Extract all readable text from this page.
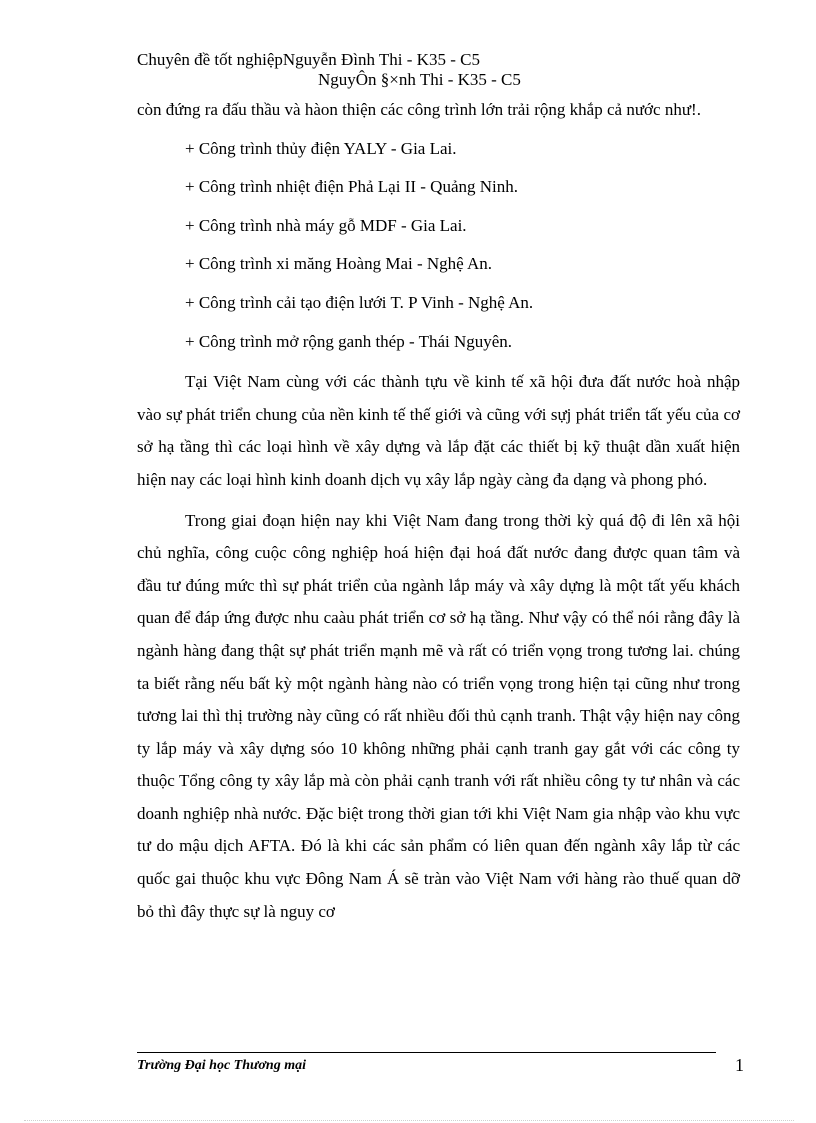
Chuyên đề tốt nghiệpNguyễn Đình Thi - K35 - C5
NguyÔn §×nh Thi - K35 - C5

còn đứng ra đấu thầu và hàon thiện các công trình lớn trải rộng khắp cả nước như!.

+ Công trình thủy điện YALY - Gia Lai.
+ Công trình nhiệt điện Phả Lại II - Quảng Ninh.
+ Công trình nhà máy gỗ MDF - Gia Lai.
+ Công trình xi măng Hoàng Mai - Nghệ An.
+ Công trình cải tạo điện lưới T. P Vinh - Nghệ An.
+ Công trình mở rộng ganh thép - Thái Nguyên.

Tại Việt Nam cùng với các thành tựu về kinh tế xã hội đưa đất nước hoà nhập vào sự phát triển chung của nền kinh tế thế giới và cũng với sựj phát triển tất yếu của cơ sở hạ tầng thì các loại hình về xây dựng và lắp đặt các thiết bị kỹ thuật dần xuất hiện hiện nay các loại hình kinh doanh dịch vụ xây lắp ngày càng đa dạng và phong phó.

Trong giai đoạn hiện nay khi Việt Nam đang trong thời kỳ quá độ đi lên xã hội chủ nghĩa, công cuộc công nghiệp hoá hiện đại hoá đất nước đang được quan tâm và đầu tư đúng mức thì sự phát triển của ngành lắp máy và xây dựng là một tất yếu khách quan để đáp ứng được nhu caàu phát triển cơ sở hạ tầng. Như vậy có thể nói rằng đây là ngành hàng đang thật sự phát triển mạnh mẽ và rất có triển vọng trong tương lai. chúng ta biết rằng nếu bất kỳ một ngành hàng nào có triển vọng trong hiện tại cũng như trong tương lai thì thị trường này cũng có rất nhiều đối thủ cạnh tranh. Thật vậy hiện nay công ty lắp máy và xây dựng sóo 10 không những phải cạnh tranh gay gắt với các công ty thuộc Tổng công ty xây lắp mà còn phải cạnh tranh với rất nhiều công ty tư nhân và các doanh nghiệp nhà nước. Đặc biệt trong thời gian tới khi Việt Nam gia nhập vào khu vực tư do mậu dịch AFTA. Đó là khi các sản phẩm có liên quan đến ngành xây lắp từ các quốc gai thuộc khu vực Đông Nam Á sẽ tràn vào Việt Nam với hàng rào thuế quan dỡ bỏ thì đây thực sự là nguy cơ

Trường Đại học Thương mại	1
